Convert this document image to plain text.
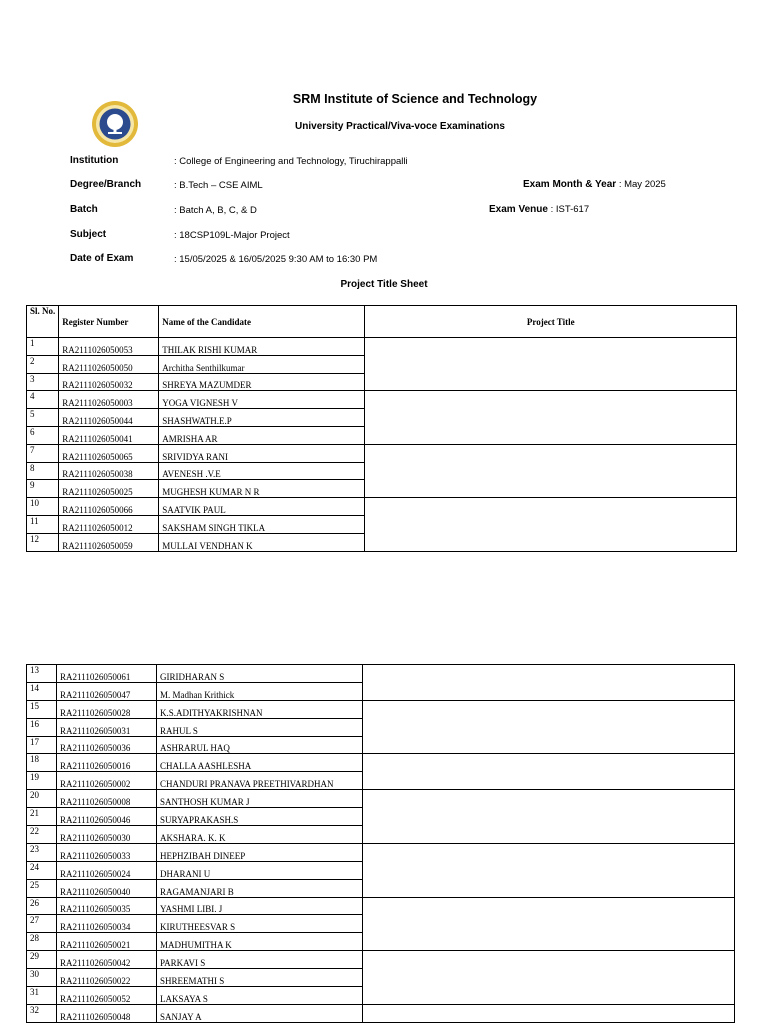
SRM Institute of Science and Technology
University Practical/Viva-voce Examinations
Institution	: College of Engineering and Technology, Tiruchirappalli
Degree/Branch	: B.Tech – CSE AIML
Batch	: Batch A, B, C, & D
Subject	: 18CSP109L-Major Project
Date of Exam	: 15/05/2025 & 16/05/2025 9:30 AM to 16:30 PM
Exam Month & Year : May 2025
Exam Venue : IST-617
Project Title Sheet
Sl. No.	Register Number	Name of the Candidate	Project Title
1	RA2111026050053	THILAK RISHI KUMAR	
2	RA2111026050050	Architha Senthilkumar	
3	RA2111026050032	SHREYA MAZUMDER	
4	RA2111026050003	YOGA VIGNESH V	
5	RA2111026050044	SHASHWATH.E.P	
6	RA2111026050041	AMRISHA AR	
7	RA2111026050065	SRIVIDYA RANI	
8	RA2111026050038	AVENESH .V.E	
9	RA2111026050025	MUGHESH KUMAR N R	
10	RA2111026050066	SAATVIK PAUL	
11	RA2111026050012	SAKSHAM SINGH TIKLA	
12	RA2111026050059	MULLAI VENDHAN K	
13	RA2111026050061	GIRIDHARAN S	
14	RA2111026050047	M. Madhan Krithick	
15	RA2111026050028	K.S.ADITHYAKRISHNAN	
16	RA2111026050031	RAHUL S	
17	RA2111026050036	ASHRARUL HAQ	
18	RA2111026050016	CHALLA AASHLESHA	
19	RA2111026050002	CHANDURI PRANAVA PREETHIVARDHAN	
20	RA2111026050008	SANTHOSH KUMAR J	
21	RA2111026050046	SURYAPRAKASH.S	
22	RA2111026050030	AKSHARA. K. K	
23	RA2111026050033	HEPHZIBAH DINEEP	
24	RA2111026050024	DHARANI U	
25	RA2111026050040	RAGAMANJARI B	
26	RA2111026050035	YASHMI LIBI. J	
27	RA2111026050034	KIRUTHEESVAR S	
28	RA2111026050021	MADHUMITHA K	
29	RA2111026050042	PARKAVI S	
30	RA2111026050022	SHREEMATHI S	
31	RA2111026050052	LAKSAYA S	
32	RA2111026050048	SANJAY A	
